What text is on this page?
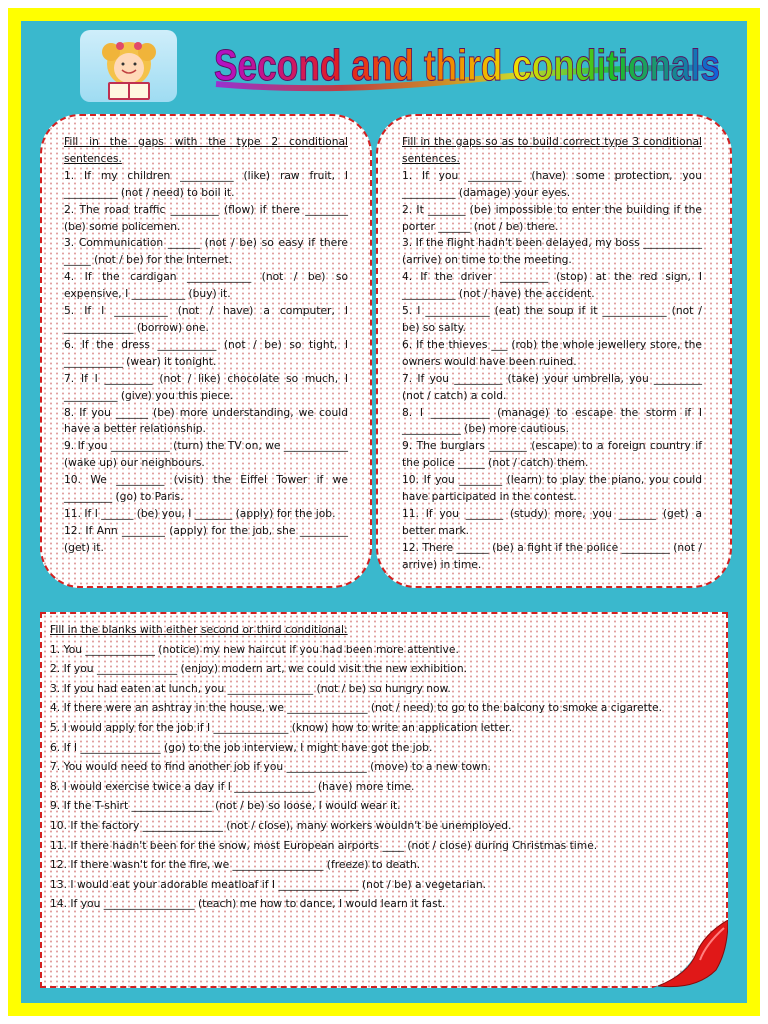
Second and third conditionals
Fill in the gaps with the type 2 conditional sentences.
1. If my children __________ (like) raw fruit, I __________ (not / need) to boil it.
2. The road traffic _________ (flow) if there ________ (be) some policemen.
3. Communication ______ (not / be) so easy if there _____ (not / be) for the Internet.
4. If the cardigan ____________ (not / be) so expensive, I __________ (buy) it.
5. If I __________ (not / have) a computer, I _____________ (borrow) one.
6. If the dress ___________ (not / be) so tight, I ___________ (wear) it tonight.
7. If I _________ (not / like) chocolate so much, I __________ (give) you this piece.
8. If you ______ (be) more understanding, we could have a better relationship.
9. If you ___________ (turn) the TV on, we ____________ (wake up) our neighbours.
10. We _________ (visit) the Eiffel Tower if we _________ (go) to Paris.
11. If I ______ (be) you, I _______ (apply) for the job.
12. If Ann ________ (apply) for the job, she _________ (get) it.
Fill in the gaps so as to build correct type 3 conditional sentences.
1. If you __________ (have) some protection, you __________ (damage) your eyes.
2. It _______ (be) impossible to enter the building if the porter ______ (not / be) there.
3. If the flight hadn't been delayed, my boss ___________ (arrive) on time to the meeting.
4. If the driver _________ (stop) at the red sign, I __________ (not / have) the accident.
5. I ____________ (eat) the soup if it ____________ (not / be) so salty.
6. If the thieves ___ (rob) the whole jewellery store, the owners would have been ruined.
7. If you _________ (take) your umbrella, you _________ (not / catch) a cold.
8. I ___________ (manage) to escape the storm if I ___________ (be) more cautious.
9. The burglars _______ (escape) to a foreign country if the police _____ (not / catch) them.
10. If you ________ (learn) to play the piano, you could have participated in the contest.
11. If you _______ (study) more, you _______ (get) a better mark.
12. There ______ (be) a fight if the police _________ (not / arrive) in time.
Fill in the blanks with either second or third conditional:
1. You _____________ (notice) my new haircut if you had been more attentive.
2. If you _______________ (enjoy) modern art, we could visit the new exhibition.
3. If you had eaten at lunch, you ________________ (not / be) so hungry now.
4. If there were an ashtray in the house, we _______________ (not / need) to go to the balcony to smoke a cigarette.
5. I would apply for the job if I ______________ (know) how to write an application letter.
6. If I _______________ (go) to the job interview, I might have got the job.
7. You would need to find another job if you _______________ (move) to a new town.
8. I would exercise twice a day if I _______________ (have) more time.
9. If the T-shirt _______________ (not / be) so loose, I would wear it.
10. If the factory _______________ (not / close), many workers wouldn't be unemployed.
11. If there hadn't been for the snow, most European airports ____ (not / close) during Christmas time.
12. If there wasn't for the fire, we _________________ (freeze) to death.
13. I would eat your adorable meatloaf if I _______________ (not / be) a vegetarian.
14. If you _________________ (teach) me how to dance, I would learn it fast.
